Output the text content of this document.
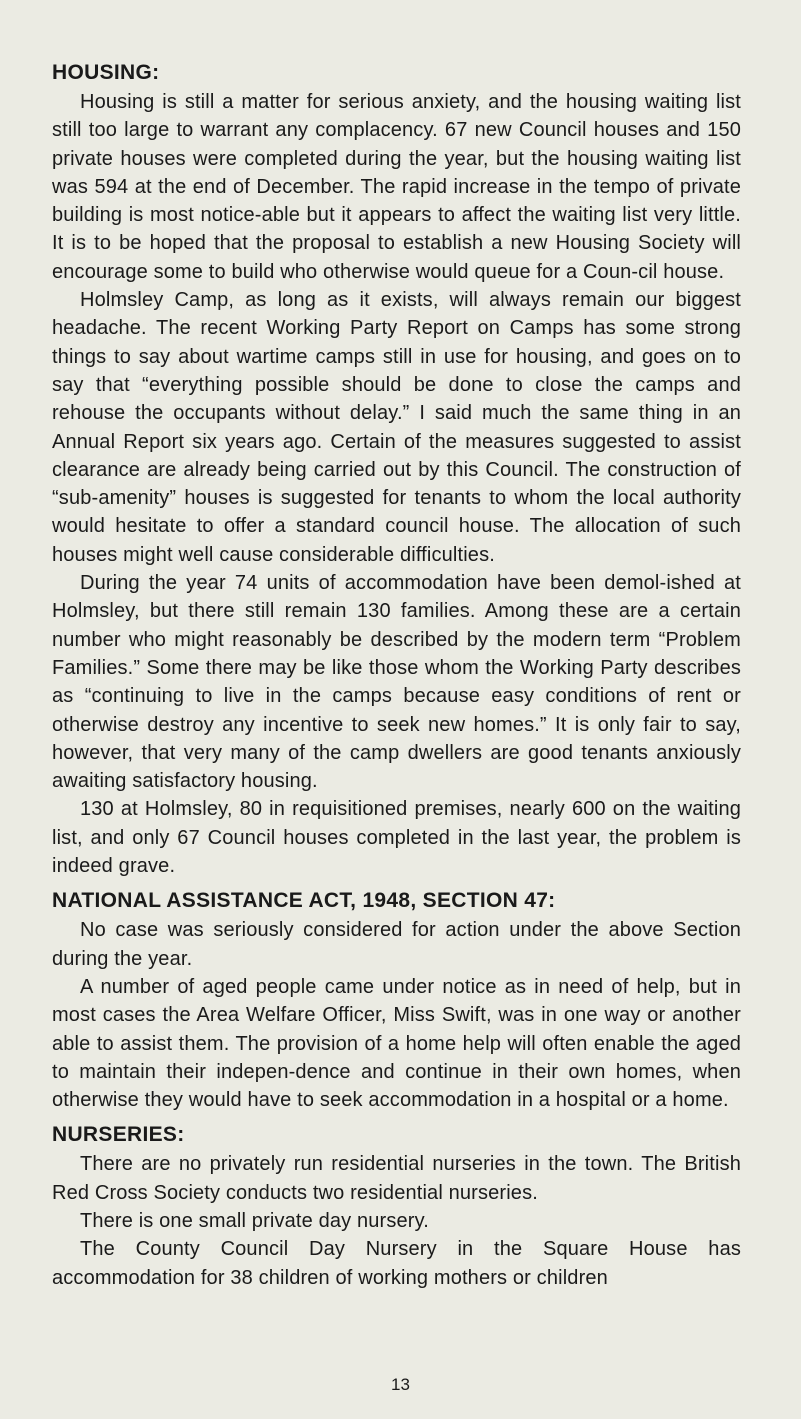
HOUSING:

Housing is still a matter for serious anxiety, and the housing waiting list still too large to warrant any complacency. 67 new Council houses and 150 private houses were completed during the year, but the housing waiting list was 594 at the end of December. The rapid increase in the tempo of private building is most notice-able but it appears to affect the waiting list very little. It is to be hoped that the proposal to establish a new Housing Society will encourage some to build who otherwise would queue for a Coun-cil house.

Holmsley Camp, as long as it exists, will always remain our biggest headache. The recent Working Party Report on Camps has some strong things to say about wartime camps still in use for housing, and goes on to say that “everything possible should be done to close the camps and rehouse the occupants without delay.” I said much the same thing in an Annual Report six years ago. Certain of the measures suggested to assist clearance are already being carried out by this Council. The construction of “sub-amenity” houses is suggested for tenants to whom the local authority would hesitate to offer a standard council house. The allocation of such houses might well cause considerable difficulties.

During the year 74 units of accommodation have been demol-ished at Holmsley, but there still remain 130 families. Among these are a certain number who might reasonably be described by the modern term “Problem Families.” Some there may be like those whom the Working Party describes as “continuing to live in the camps because easy conditions of rent or otherwise destroy any incentive to seek new homes.” It is only fair to say, however, that very many of the camp dwellers are good tenants anxiously awaiting satisfactory housing.

130 at Holmsley, 80 in requisitioned premises, nearly 600 on the waiting list, and only 67 Council houses completed in the last year, the problem is indeed grave.

NATIONAL ASSISTANCE ACT, 1948, SECTION 47:

No case was seriously considered for action under the above Section during the year.

A number of aged people came under notice as in need of help, but in most cases the Area Welfare Officer, Miss Swift, was in one way or another able to assist them. The provision of a home help will often enable the aged to maintain their indepen-dence and continue in their own homes, when otherwise they would have to seek accommodation in a hospital or a home.

NURSERIES:

There are no privately run residential nurseries in the town. The British Red Cross Society conducts two residential nurseries.

There is one small private day nursery.

The County Council Day Nursery in the Square House has accommodation for 38 children of working mothers or children

13
